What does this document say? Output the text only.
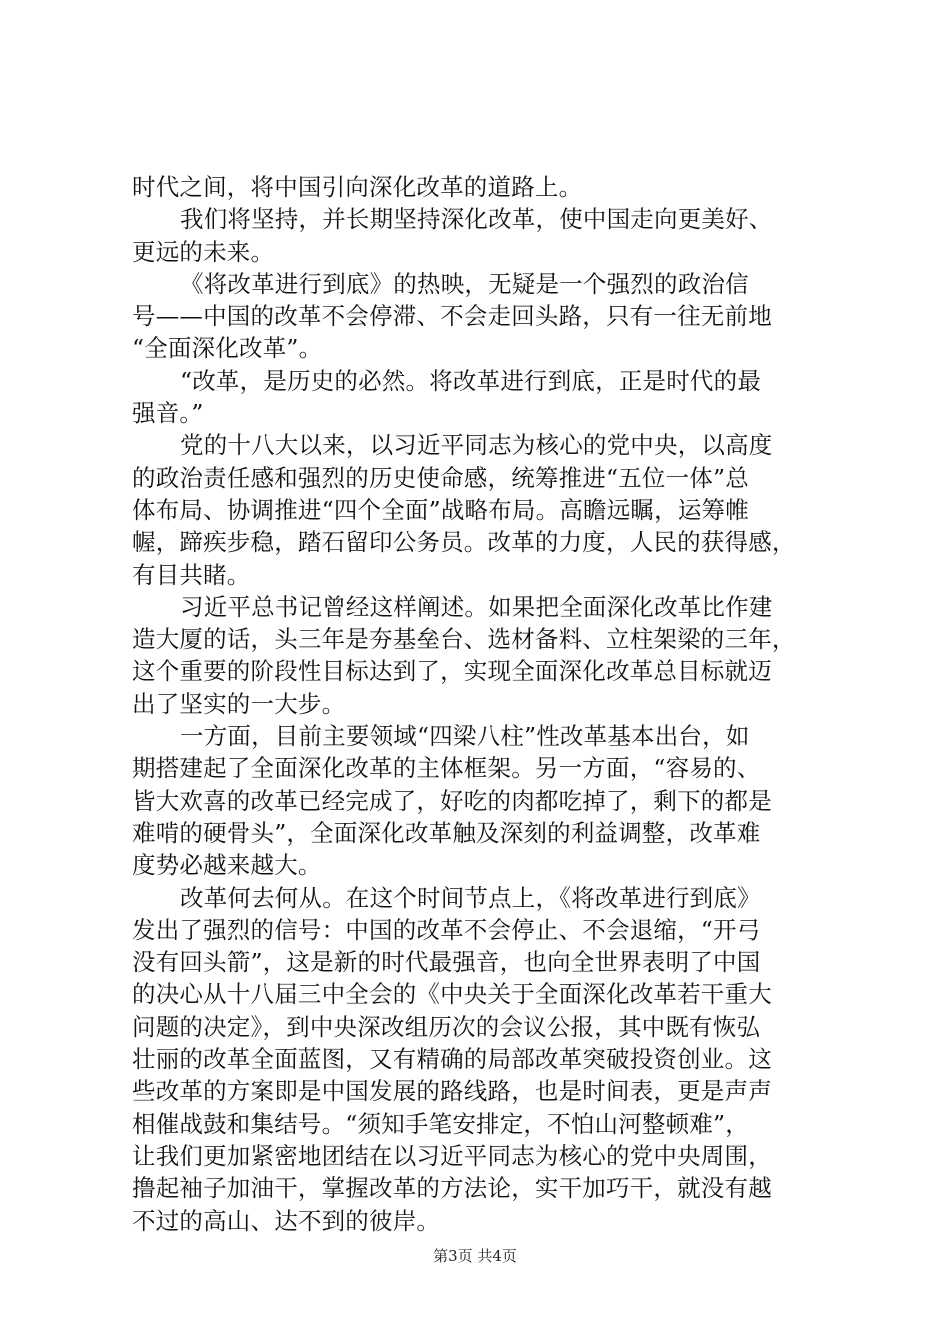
时代之间，将中国引向深化改革的道路上。
我们将坚持，并长期坚持深化改革，使中国走向更美好、
更远的未来。
《将改革进行到底》的热映，无疑是一个强烈的政治信
号——中国的改革不会停滞、不会走回头路，只有一往无前地
“全面深化改革”。
“改革，是历史的必然。将改革进行到底，正是时代的最
强音。”
党的十八大以来，以习近平同志为核心的党中央，以高度
的政治责任感和强烈的历史使命感，统筹推进“五位一体”总
体布局、协调推进“四个全面”战略布局。高瞻远瞩，运筹帷
幄，蹄疾步稳，踏石留印公务员。改革的力度，人民的获得感，
有目共睹。
习近平总书记曾经这样阐述。如果把全面深化改革比作建
造大厦的话，头三年是夯基垒台、选材备料、立柱架梁的三年，
这个重要的阶段性目标达到了，实现全面深化改革总目标就迈
出了坚实的一大步。
一方面，目前主要领域“四梁八柱”性改革基本出台，如
期搭建起了全面深化改革的主体框架。另一方面，“容易的、
皆大欢喜的改革已经完成了，好吃的肉都吃掉了，剩下的都是
难啃的硬骨头”，全面深化改革触及深刻的利益调整，改革难
度势必越来越大。
改革何去何从。在这个时间节点上，《将改革进行到底》
发出了强烈的信号：中国的改革不会停止、不会退缩，“开弓
没有回头箭”，这是新的时代最强音，也向全世界表明了中国
的决心从十八届三中全会的《中央关于全面深化改革若干重大
问题的决定》，到中央深改组历次的会议公报，其中既有恢弘
壮丽的改革全面蓝图，又有精确的局部改革突破投资创业。这
些改革的方案即是中国发展的路线路，也是时间表，更是声声
相催战鼓和集结号。“须知手笔安排定，不怕山河整顿难”，
让我们更加紧密地团结在以习近平同志为核心的党中央周围，
撸起袖子加油干，掌握改革的方法论，实干加巧干，就没有越
不过的高山、达不到的彼岸。
第3页 共4页
